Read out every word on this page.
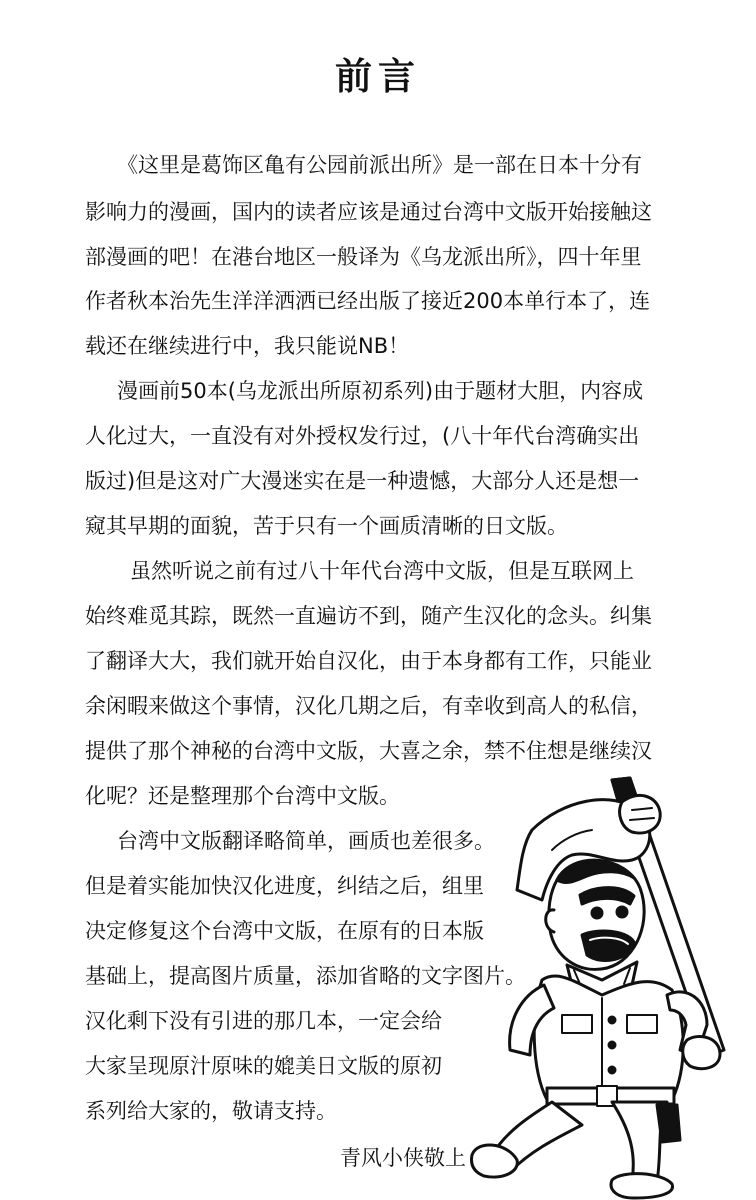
前言
《这里是葛饰区亀有公园前派出所》是一部在日本十分有
影响力的漫画，国内的读者应该是通过台湾中文版开始接触这
部漫画的吧！在港台地区一般译为《乌龙派出所》，四十年里
作者秋本治先生洋洋洒洒已经出版了接近200本单行本了，连
载还在继续进行中，我只能说NB！
漫画前50本(乌龙派出所原初系列)由于题材大胆，内容成
人化过大，一直没有对外授权发行过，(八十年代台湾确实出
版过)但是这对广大漫迷实在是一种遗憾，大部分人还是想一
窥其早期的面貌，苦于只有一个画质清晰的日文版。
虽然听说之前有过八十年代台湾中文版，但是互联网上
始终难觅其踪，既然一直遍访不到，随产生汉化的念头。纠集
了翻译大大，我们就开始自汉化，由于本身都有工作，只能业
余闲暇来做这个事情，汉化几期之后，有幸收到高人的私信，
提供了那个神秘的台湾中文版，大喜之余，禁不住想是继续汉
化呢？还是整理那个台湾中文版。
台湾中文版翻译略简单，画质也差很多。
但是着实能加快汉化进度，纠结之后，组里
决定修复这个台湾中文版，在原有的日本版
基础上，提高图片质量，添加省略的文字图片。
汉化剩下没有引进的那几本，一定会给
大家呈现原汁原味的媲美日文版的原初
系列给大家的，敬请支持。
青风小侠敬上
